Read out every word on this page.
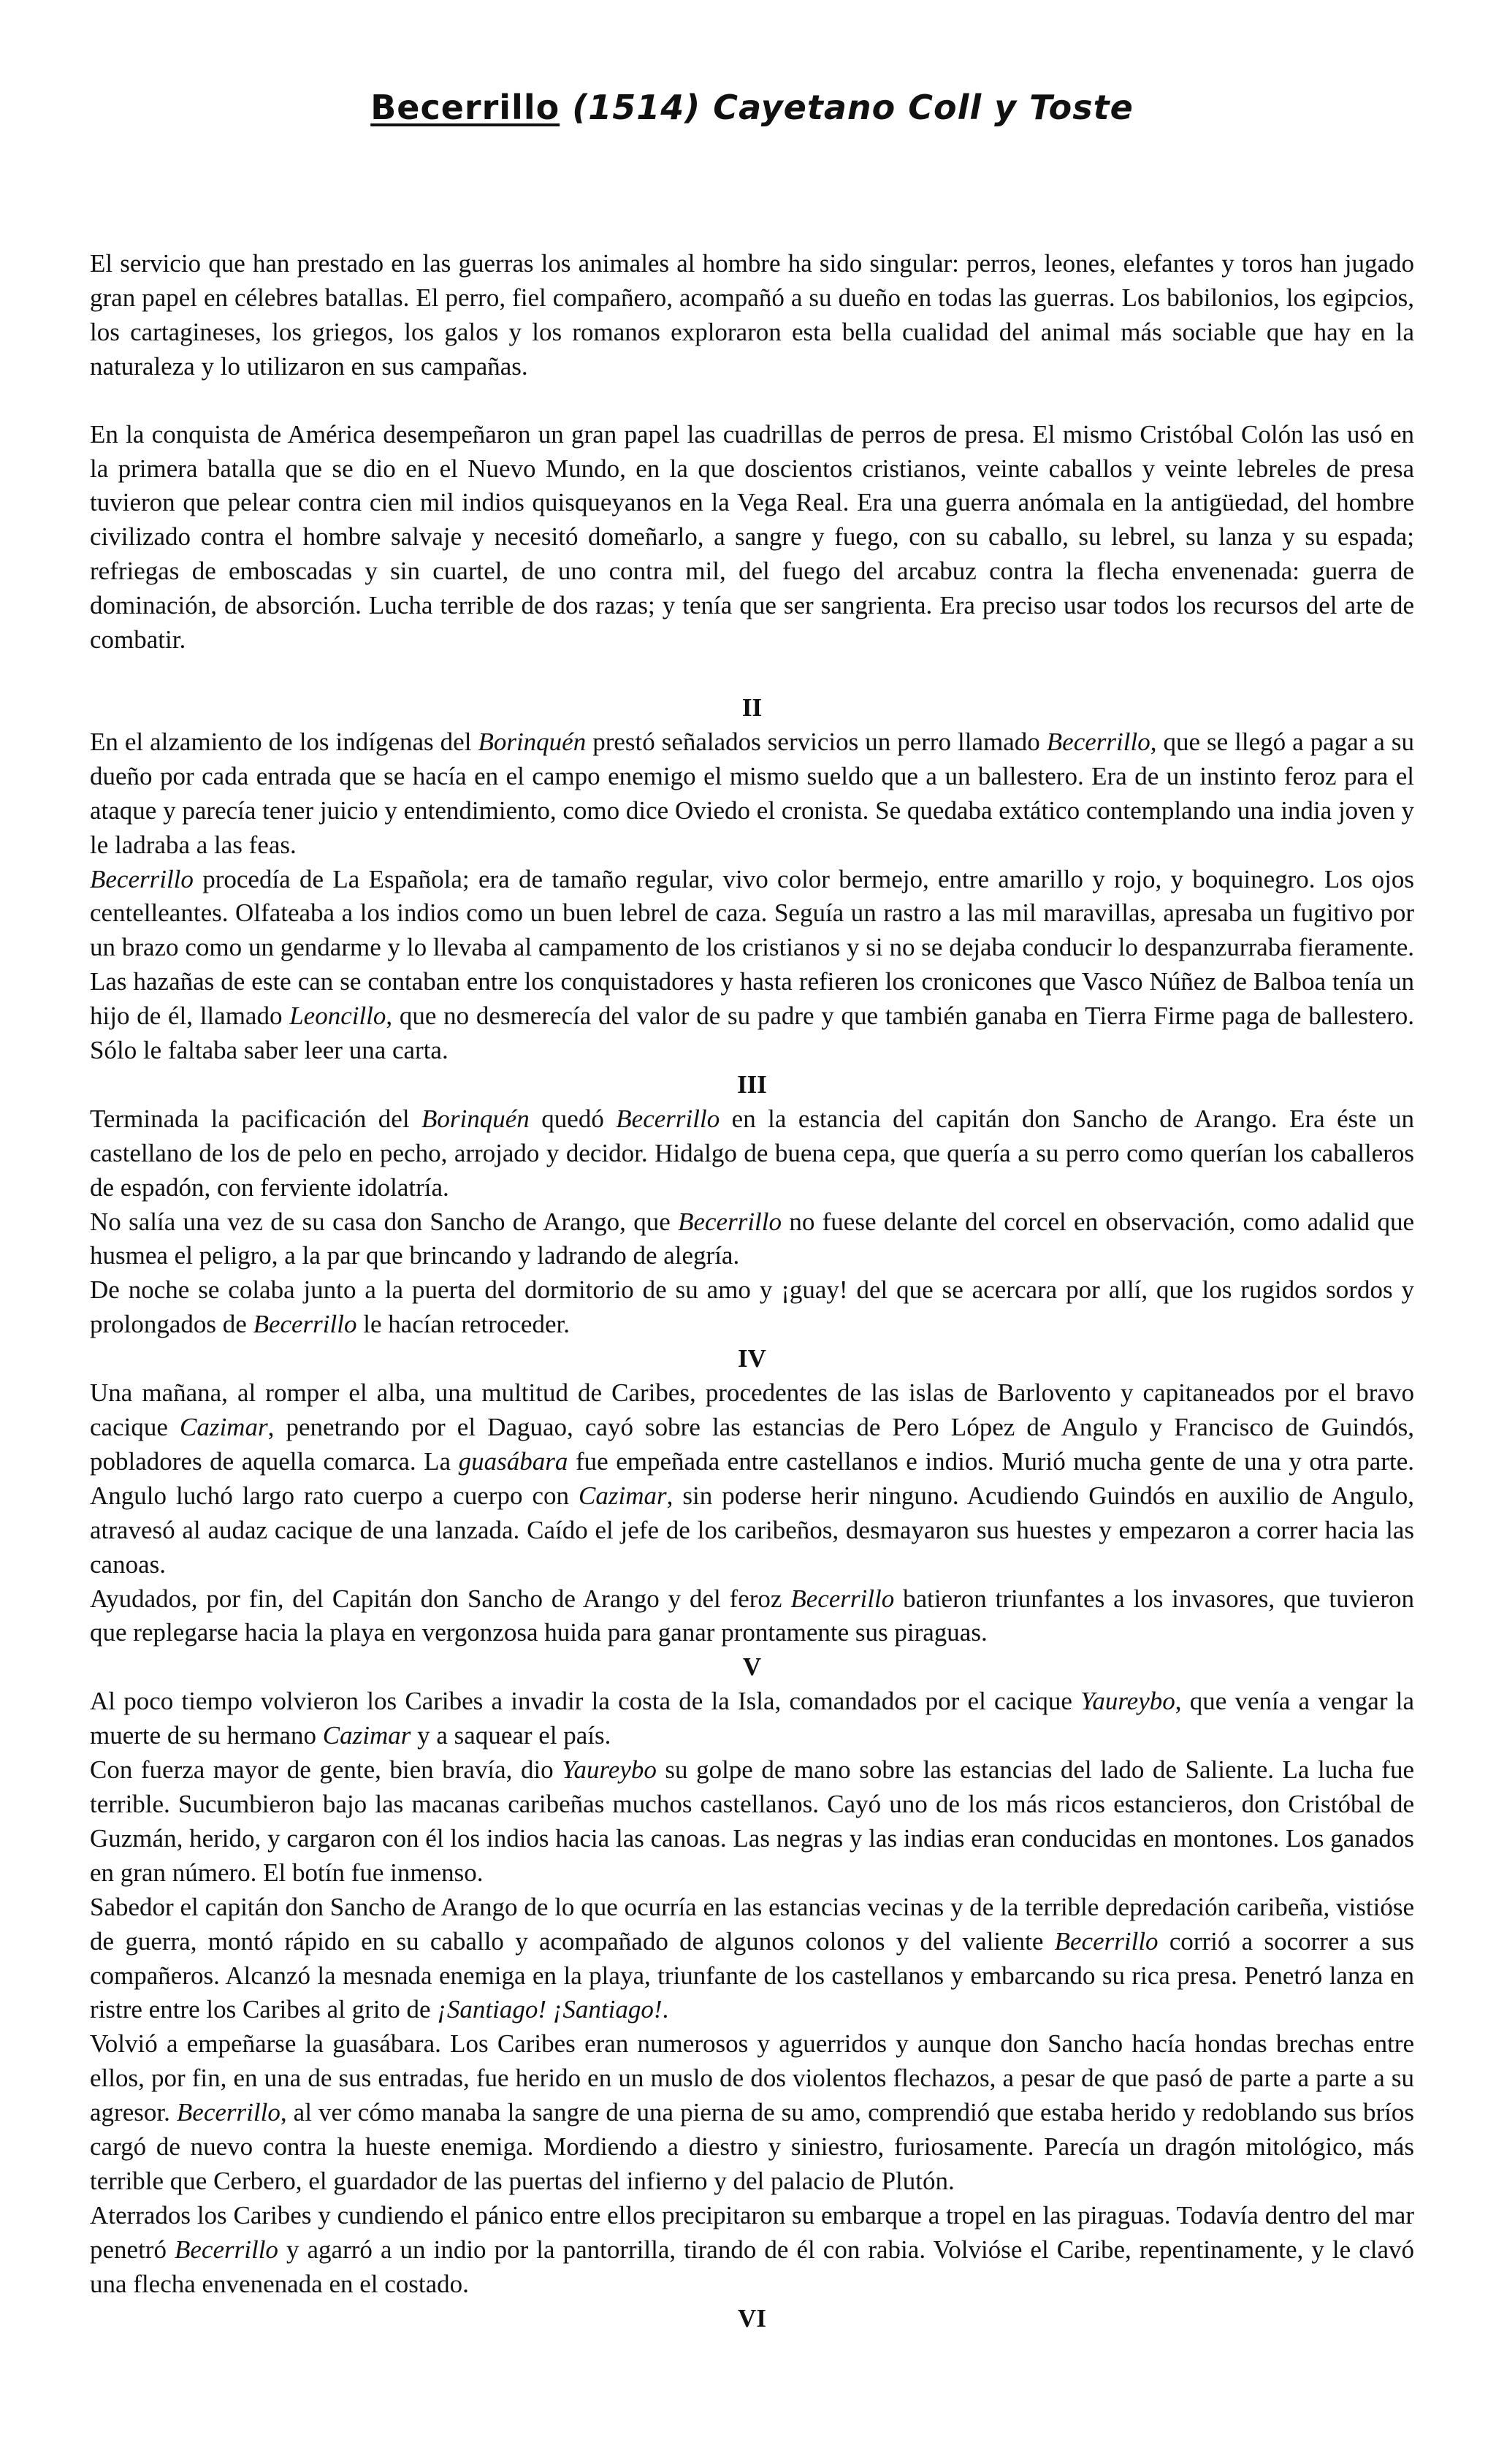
Becerrillo (1514) Cayetano Coll y Toste

El servicio que han prestado en las guerras los animales al hombre ha sido singular: perros, leones, elefantes y toros han jugado gran papel en célebres batallas. El perro, fiel compañero, acompañó a su dueño en todas las guerras. Los babilonios, los egipcios, los cartagineses, los griegos, los galos y los romanos exploraron esta bella cualidad del animal más sociable que hay en la naturaleza y lo utilizaron en sus campañas.

En la conquista de América desempeñaron un gran papel las cuadrillas de perros de presa. El mismo Cristóbal Colón las usó en la primera batalla que se dio en el Nuevo Mundo, en la que doscientos cristianos, veinte caballos y veinte lebreles de presa tuvieron que pelear contra cien mil indios quisqueyanos en la Vega Real. Era una guerra anómala en la antigüedad, del hombre civilizado contra el hombre salvaje y necesitó domeñarlo, a sangre y fuego, con su caballo, su lebrel, su lanza y su espada; refriegas de emboscadas y sin cuartel, de uno contra mil, del fuego del arcabuz contra la flecha envenenada: guerra de dominación, de absorción. Lucha terrible de dos razas; y tenía que ser sangrienta. Era preciso usar todos los recursos del arte de combatir.

II

En el alzamiento de los indígenas del Borinquén prestó señalados servicios un perro llamado Becerrillo, que se llegó a pagar a su dueño por cada entrada que se hacía en el campo enemigo el mismo sueldo que a un ballestero. Era de un instinto feroz para el ataque y parecía tener juicio y entendimiento, como dice Oviedo el cronista. Se quedaba extático contemplando una india joven y le ladraba a las feas.

Becerrillo procedía de La Española; era de tamaño regular, vivo color bermejo, entre amarillo y rojo, y boquinegro. Los ojos centelleantes. Olfateaba a los indios como un buen lebrel de caza. Seguía un rastro a las mil maravillas, apresaba un fugitivo por un brazo como un gendarme y lo llevaba al campamento de los cristianos y si no se dejaba conducir lo despanzurraba fieramente. Las hazañas de este can se contaban entre los conquistadores y hasta refieren los cronicones que Vasco Núñez de Balboa tenía un hijo de él, llamado Leoncillo, que no desmerecía del valor de su padre y que también ganaba en Tierra Firme paga de ballestero. Sólo le faltaba saber leer una carta.

III

Terminada la pacificación del Borinquén quedó Becerrillo en la estancia del capitán don Sancho de Arango. Era éste un castellano de los de pelo en pecho, arrojado y decidor. Hidalgo de buena cepa, que quería a su perro como querían los caballeros de espadón, con ferviente idolatría.

No salía una vez de su casa don Sancho de Arango, que Becerrillo no fuese delante del corcel en observación, como adalid que husmea el peligro, a la par que brincando y ladrando de alegría.

De noche se colaba junto a la puerta del dormitorio de su amo y ¡guay! del que se acercara por allí, que los rugidos sordos y prolongados de Becerrillo le hacían retroceder.

IV

Una mañana, al romper el alba, una multitud de Caribes, procedentes de las islas de Barlovento y capitaneados por el bravo cacique Cazimar, penetrando por el Daguao, cayó sobre las estancias de Pero López de Angulo y Francisco de Guindós, pobladores de aquella comarca. La guasábara fue empeñada entre castellanos e indios. Murió mucha gente de una y otra parte. Angulo luchó largo rato cuerpo a cuerpo con Cazimar, sin poderse herir ninguno. Acudiendo Guindós en auxilio de Angulo, atravesó al audaz cacique de una lanzada. Caído el jefe de los caribeños, desmayaron sus huestes y empezaron a correr hacia las canoas.

Ayudados, por fin, del Capitán don Sancho de Arango y del feroz Becerrillo batieron triunfantes a los invasores, que tuvieron que replegarse hacia la playa en vergonzosa huida para ganar prontamente sus piraguas.

V

Al poco tiempo volvieron los Caribes a invadir la costa de la Isla, comandados por el cacique Yaureybo, que venía a vengar la muerte de su hermano Cazimar y a saquear el país.

Con fuerza mayor de gente, bien bravía, dio Yaureybo su golpe de mano sobre las estancias del lado de Saliente. La lucha fue terrible. Sucumbieron bajo las macanas caribeñas muchos castellanos. Cayó uno de los más ricos estancieros, don Cristóbal de Guzmán, herido, y cargaron con él los indios hacia las canoas. Las negras y las indias eran conducidas en montones. Los ganados en gran número. El botín fue inmenso.

Sabedor el capitán don Sancho de Arango de lo que ocurría en las estancias vecinas y de la terrible depredación caribeña, vistióse de guerra, montó rápido en su caballo y acompañado de algunos colonos y del valiente Becerrillo corrió a socorrer a sus compañeros. Alcanzó la mesnada enemiga en la playa, triunfante de los castellanos y embarcando su rica presa. Penetró lanza en ristre entre los Caribes al grito de ¡Santiago! ¡Santiago!.

Volvió a empeñarse la guasábara. Los Caribes eran numerosos y aguerridos y aunque don Sancho hacía hondas brechas entre ellos, por fin, en una de sus entradas, fue herido en un muslo de dos violentos flechazos, a pesar de que pasó de parte a parte a su agresor. Becerrillo, al ver cómo manaba la sangre de una pierna de su amo, comprendió que estaba herido y redoblando sus bríos cargó de nuevo contra la hueste enemiga. Mordiendo a diestro y siniestro, furiosamente. Parecía un dragón mitológico, más terrible que Cerbero, el guardador de las puertas del infierno y del palacio de Plutón.

Aterrados los Caribes y cundiendo el pánico entre ellos precipitaron su embarque a tropel en las piraguas. Todavía dentro del mar penetró Becerrillo y agarró a un indio por la pantorrilla, tirando de él con rabia. Volvióse el Caribe, repentinamente, y le clavó una flecha envenenada en el costado.

VI
